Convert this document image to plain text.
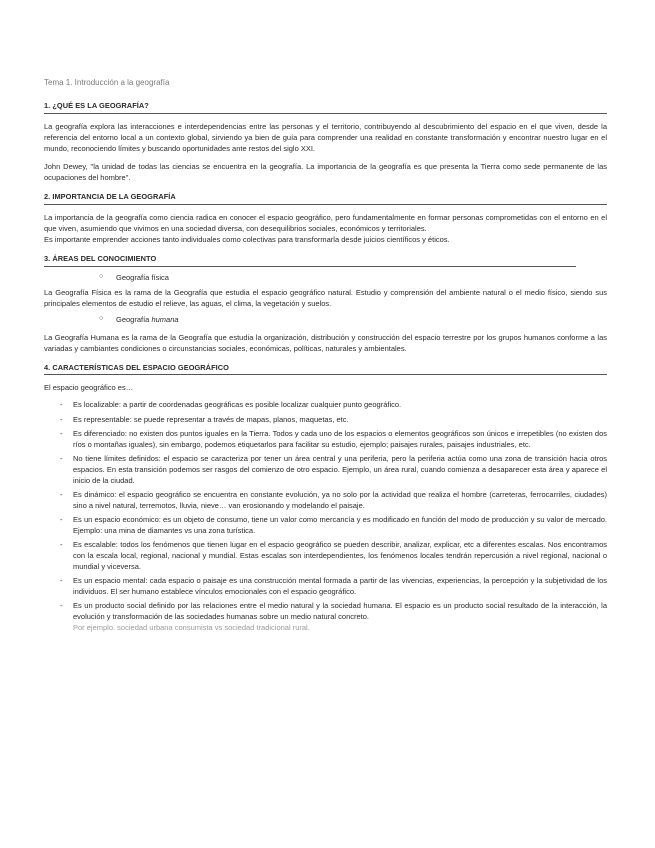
Tema 1. Introducción a la geografía
1. ¿QUÉ ES LA GEOGRAFÍA?
La geografía explora las interacciones e interdependencias entre las personas y el territorio, contribuyendo al descubrimiento del espacio en el que viven, desde la referencia del entorno local a un contexto global, sirviendo ya bien de guía para comprender una realidad en constante transformación y encontrar nuestro lugar en el mundo, reconociendo límites y buscando oportunidades ante restos del siglo XXI.
John Dewey, "la unidad de todas las ciencias se encuentra en la geografía. La importancia de la geografía es que presenta la Tierra como sede permanente de las ocupaciones del hombre".
2. IMPORTANCIA DE LA GEOGRAFÍA

La importancia de la geografía como ciencia radica en conocer el espacio geográfico, pero fundamentalmente en formar personas comprometidas con el entorno en el que viven, asumiendo que vivimos en una sociedad diversa, con desequilibrios sociales, económicos y territoriales.

Es importante emprender acciones tanto individuales como colectivas para transformarla desde juicios científicos y éticos.

3. ÁREAS DEL CONOCIMIENTO
○ Geografía física
La Geografía Física es la rama de la Geografía que estudia el espacio geográfico natural. Estudio y comprensión del ambiente natural o el medio físico, siendo sus principales elementos de estudio el relieve, las aguas, el clima, la vegetación y suelos.
○ Geografía humana
La Geografía Humana es la rama de la Geografía que estudia la organización, distribución y construcción del espacio terrestre por los grupos humanos conforme a las variadas y cambiantes condiciones o circunstancias sociales, económicas, políticas, naturales y ambientales.
4. CARACTERÍSTICAS DEL ESPACIO GEOGRÁFICO
El espacio geográfico es…
- Es localizable: a partir de coordenadas geográficas es posible localizar cualquier punto geográfico.
- Es representable: se puede representar a través de mapas, planos, maquetas, etc.
- Es diferenciado: no existen dos puntos iguales en la Tierra. Todos y cada uno de los espacios o elementos geográficos son únicos e irrepetibles (no existen dos ríos o montañas iguales), sin embargo, podemos etiquetarlos para facilitar su estudio, ejemplo; paisajes rurales, paisajes industriales, etc.
- No tiene límites definidos: el espacio se caracteriza por tener un área central y una periferia, pero la periferia actúa como una zona de transición hacia otros espacios. En esta transición podemos ser rasgos del comienzo de otro espacio. Ejemplo, un área rural, cuando comienza a desaparecer esta área y aparece el inicio de la ciudad.
- Es dinámico: el espacio geográfico se encuentra en constante evolución, ya no solo por la actividad que realiza el hombre (carreteras, ferrocarriles, ciudades) sino a nivel natural, terremotos, lluvia, nieve… van erosionando y modelando el paisaje.
- Es un espacio económico: es un objeto de consumo, tiene un valor como mercancía y es modificado en función del modo de producción y su valor de mercado. Ejemplo: una mina de diamantes vs una zona turística.
- Es escalable: todos los fenómenos que tienen lugar en el espacio geográfico se pueden describir, analizar, explicar, etc a diferentes escalas. Nos encontramos con la escala local, regional, nacional y mundial. Estas escalas son interdependientes, los fenómenos locales tendrán repercusión a nivel regional, nacional o mundial y viceversa.
- Es un espacio mental: cada espacio o paisaje es una construcción mental formada a partir de las vivencias, experiencias, la percepción y la subjetividad de los individuos. El ser humano establece vínculos emocionales con el espacio geográfico.
- Es un producto social definido por las relaciones entre el medio natural y la sociedad humana. El espacio es un producto social resultado de la interacción, la evolución y transformación de las sociedades humanas sobre un medio natural concreto.
Por ejemplo. sociedad urbana consumista vs sociedad tradicional rural.
